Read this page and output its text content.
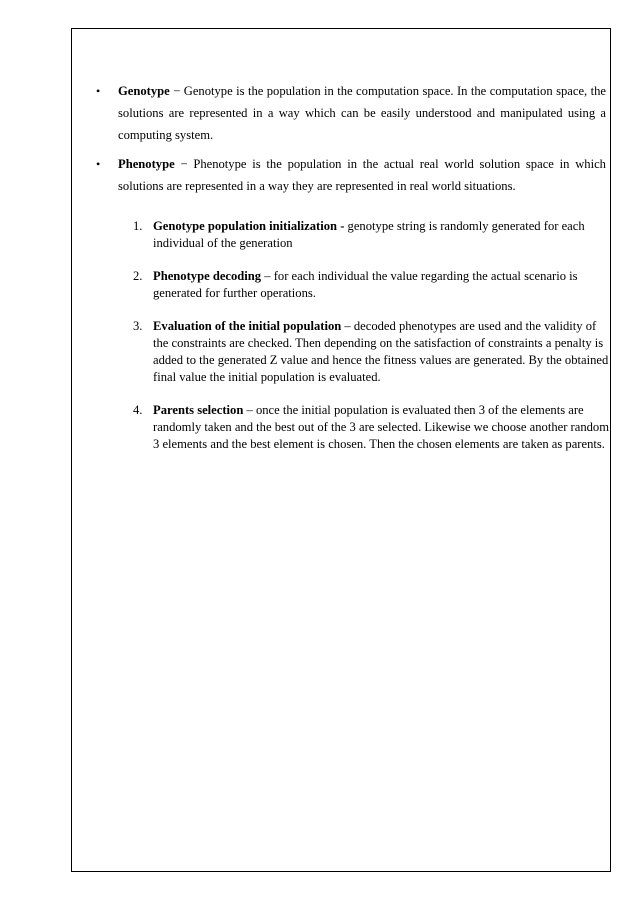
• Genotype − Genotype is the population in the computation space. In the computation space, the solutions are represented in a way which can be easily understood and manipulated using a computing system.
• Phenotype − Phenotype is the population in the actual real world solution space in which solutions are represented in a way they are represented in real world situations.
1. Genotype population initialization - genotype string is randomly generated for each individual of the generation
2. Phenotype decoding – for each individual the value regarding the actual scenario is generated for further operations.
3. Evaluation of the initial population – decoded phenotypes are used and the validity of the constraints are checked. Then depending on the satisfaction of constraints a penalty is added to the generated Z value and hence the fitness values are generated. By the obtained final value the initial population is evaluated.
4. Parents selection – once the initial population is evaluated then 3 of the elements are randomly taken and the best out of the 3 are selected. Likewise we choose another random 3 elements and the best element is chosen. Then the chosen elements are taken as parents.
